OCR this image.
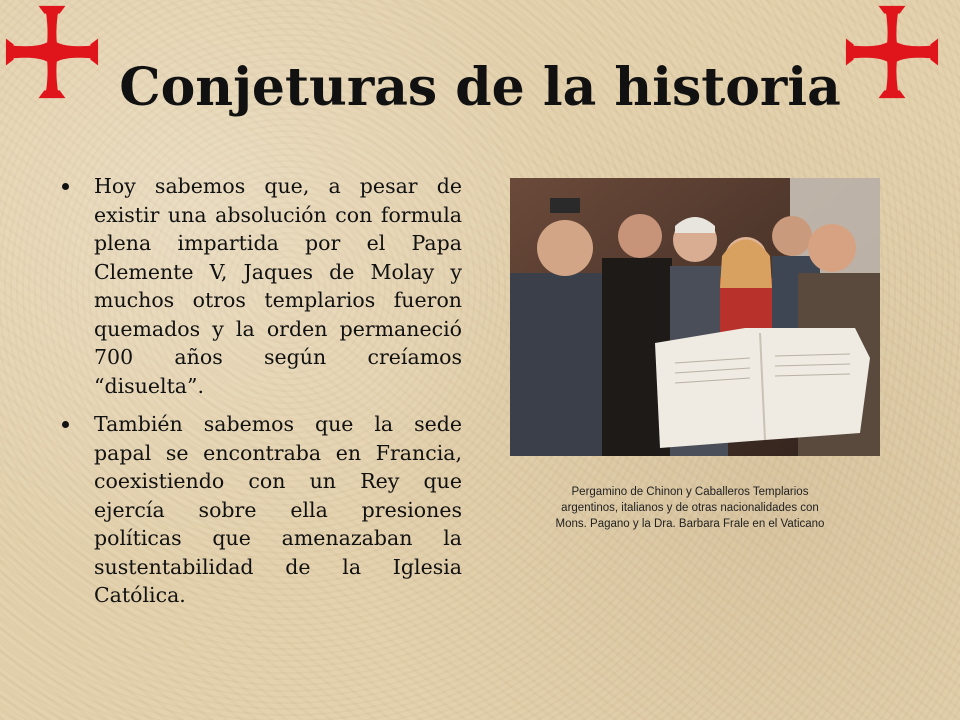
Conjeturas de la historia
Hoy sabemos que, a pesar de existir una absolución con formula plena impartida por el Papa Clemente V, Jaques de Molay y muchos otros templarios fueron quemados y la orden permaneció 700 años según creíamos “disuelta”.
También sabemos que la sede papal se encontraba en Francia, coexistiendo con un Rey que ejercía sobre ella presiones políticas que amenazaban la sustentabilidad de la Iglesia Católica.
Pergamino de Chinon y Caballeros Templarios
argentinos, italianos y de otras nacionalidades con
Mons. Pagano y la Dra. Barbara Frale en el Vaticano
